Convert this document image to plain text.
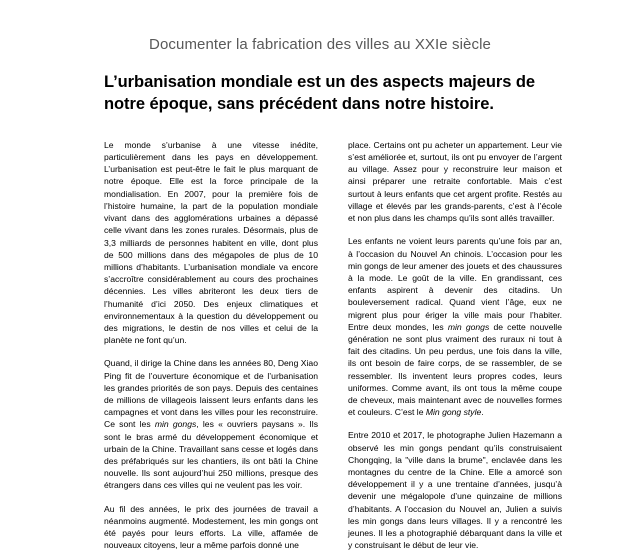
Documenter la fabrication des villes au XXIe siècle
L’urbanisation mondiale est un des aspects majeurs de notre époque, sans précédent dans notre histoire.

Le monde s’urbanise à une vitesse inédite, particulièrement dans les pays en développement. L’urbanisation est peut-être le fait le plus marquant de notre époque. Elle est la force principale de la mondialisation. En 2007, pour la première fois de l’histoire humaine, la part de la population mondiale vivant dans des agglomérations urbaines a dépassé celle vivant dans les zones rurales. Désormais, plus de 3,3 milliards de personnes habitent en ville, dont plus de 500 millions dans des mégapoles de plus de 10 millions d’habitants. L’urbanisation mondiale va encore s’accroître considérablement au cours des prochaines décennies. Les villes abriteront les deux tiers de l’humanité d’ici 2050. Des enjeux climatiques et environnementaux à la question du développement ou des migrations, le destin de nos villes et celui de la planète ne font qu’un.

Quand, il dirige la Chine dans les années 80, Deng Xiao Ping fit de l’ouverture économique et de l’urbanisation les grandes priorités de son pays. Depuis des centaines de millions de villageois laissent leurs enfants dans les campagnes et vont dans les villes pour les reconstruire. Ce sont les min gongs, les « ouvriers paysans ». Ils sont le bras armé du développement économique et urbain de la Chine. Travaillant sans cesse et logés dans des préfabriqués sur les chantiers, ils ont bâti la Chine nouvelle. Ils sont aujourd’hui 250 millions, presque des étrangers dans ces villes qui ne veulent pas les voir.

Au fil des années, le prix des journées de travail a néanmoins augmenté. Modestement, les min gongs ont été payés pour leurs efforts. La ville, affamée de nouveaux citoyens, leur a même parfois donné une

place. Certains ont pu acheter un appartement. Leur vie s’est améliorée et, surtout, ils ont pu envoyer de l’argent au village. Assez pour y reconstruire leur maison et ainsi préparer une retraite confortable. Mais c’est surtout à leurs enfants que cet argent profite. Restés au village et élevés par les grands-parents, c’est à l’école et non plus dans les champs qu’ils sont allés travailler.

Les enfants ne voient leurs parents qu’une fois par an, à l’occasion du Nouvel An chinois. L’occasion pour les min gongs de leur amener des jouets et des chaussures à la mode. Le goût de la ville. En grandissant, ces enfants aspirent à devenir des citadins. Un bouleversement radical. Quand vient l’âge, eux ne migrent plus pour ériger la ville mais pour l’habiter. Entre deux mondes, les min gongs de cette nouvelle génération ne sont plus vraiment des ruraux ni tout à fait des citadins. Un peu perdus, une fois dans la ville, ils ont besoin de faire corps, de se rassembler, de se ressembler. Ils inventent leurs propres codes, leurs uniformes. Comme avant, ils ont tous la même coupe de cheveux, mais maintenant avec de nouvelles formes et couleurs. C’est le Min gong style.

Entre 2010 et 2017, le photographe Julien Hazemann a observé les min gongs pendant qu’ils construisaient Chongqing, la "ville dans la brume", enclavée dans les montagnes du centre de la Chine. Elle a amorcé son développement il y a une trentaine d’années, jusqu’à devenir une mégalopole d’une quinzaine de millions d’habitants. A l’occasion du Nouvel an, Julien a suivis les min gongs dans leurs villages. Il y a rencontré les jeunes. Il les a photographié débarquant dans la ville et y construisant le début de leur vie.
